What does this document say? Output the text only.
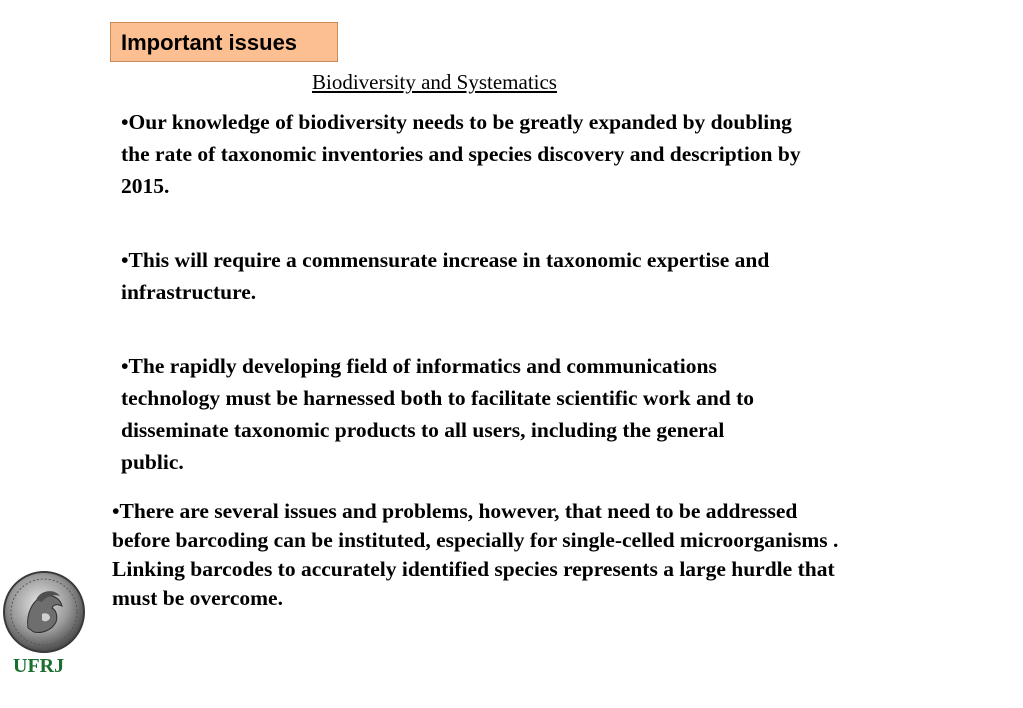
Important issues
Biodiversity and Systematics
•Our knowledge of biodiversity needs to be greatly expanded by doubling the rate of taxonomic inventories and species discovery and description by 2015.
•This will require a commensurate increase in taxonomic expertise and infrastructure.
•The rapidly developing field of informatics and communications technology must be harnessed both to facilitate scientific work and to disseminate taxonomic products to all users, including the general public.
•There are several issues and problems, however, that need to be addressed before barcoding can be instituted, especially for single-celled microorganisms . Linking barcodes to accurately identified species represents a large hurdle that must be overcome.
UFRJ
